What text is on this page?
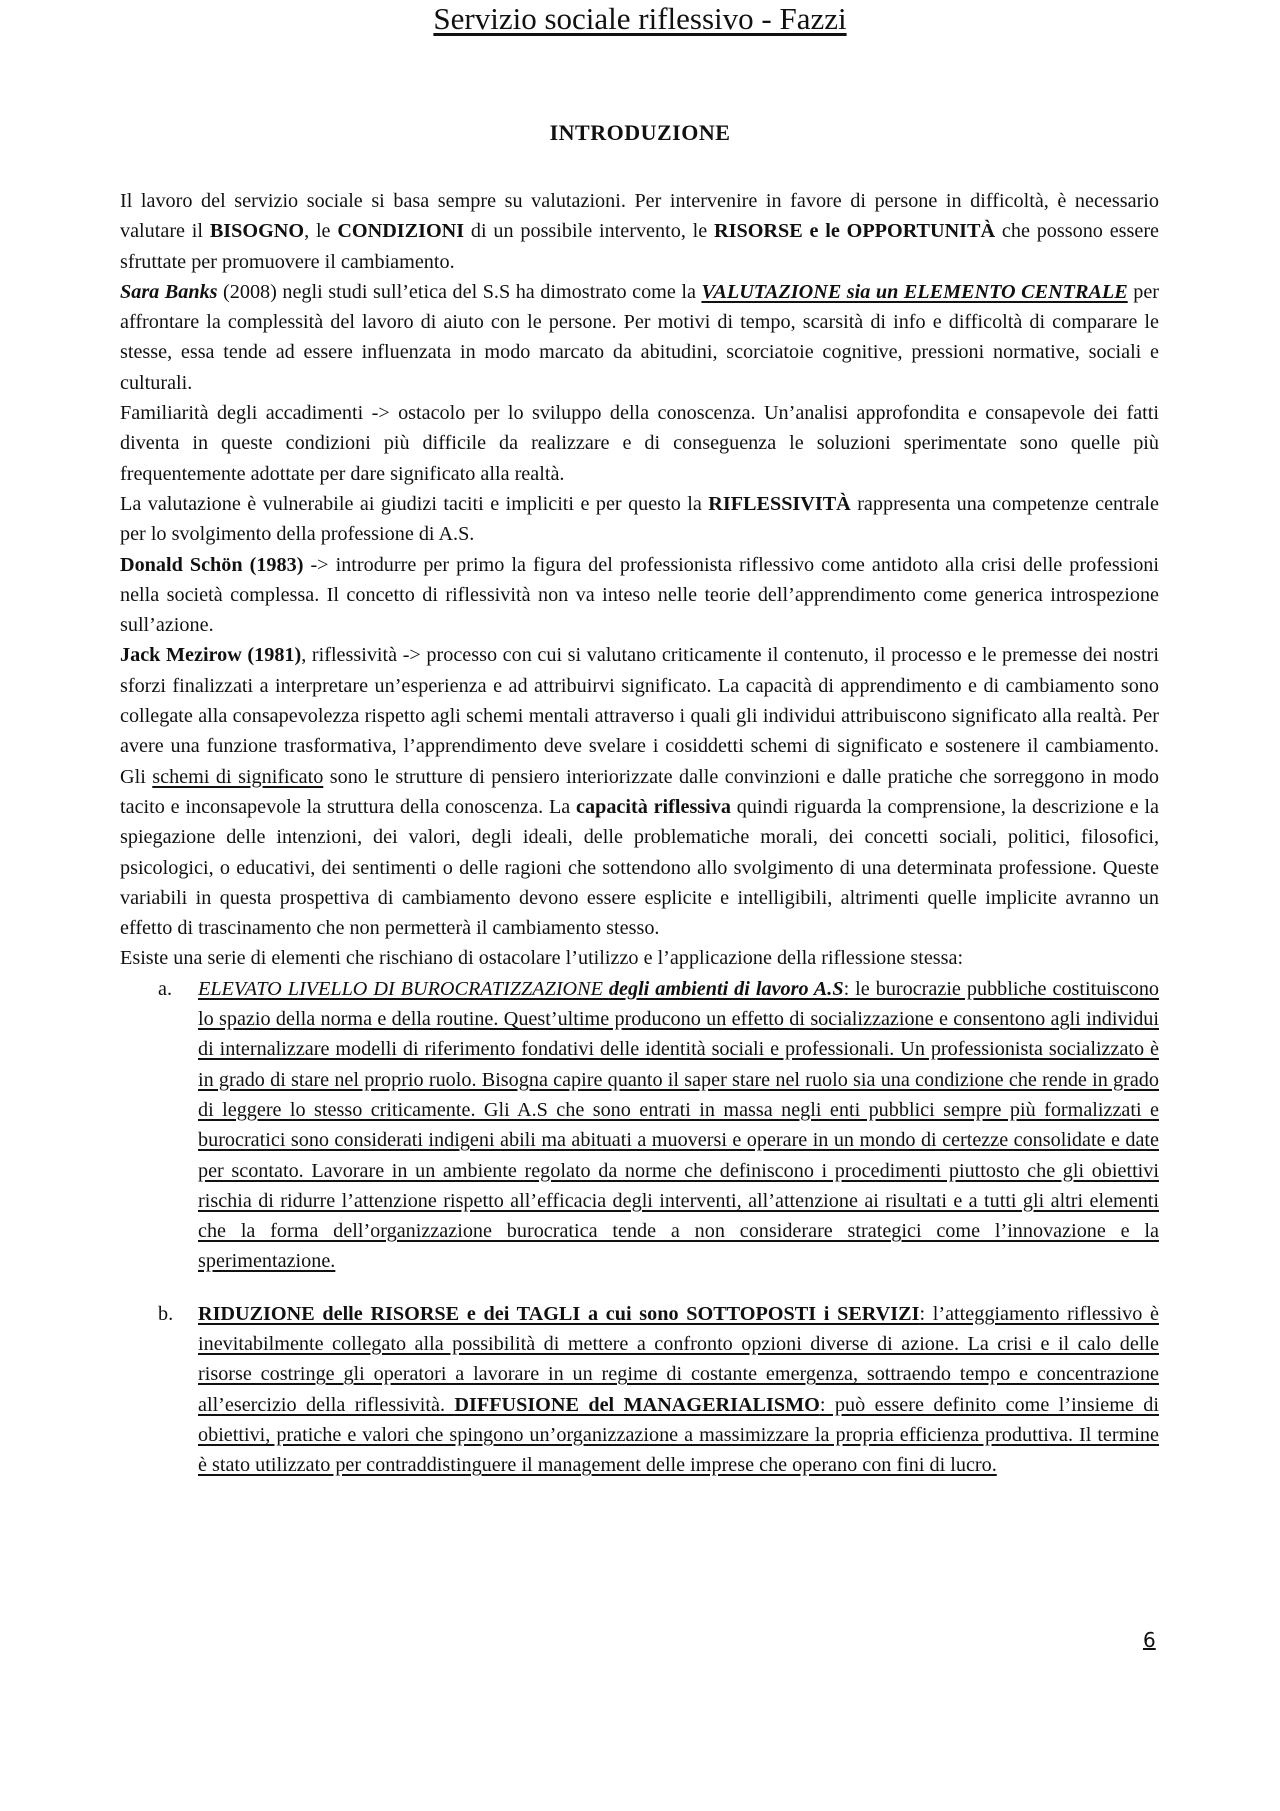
Servizio sociale riflessivo - Fazzi
INTRODUZIONE

Il lavoro del servizio sociale si basa sempre su valutazioni. Per intervenire in favore di persone in difficoltà, è necessario valutare il BISOGNO, le CONDIZIONI di un possibile intervento, le RISORSE e le OPPORTUNITÀ che possono essere sfruttate per promuovere il cambiamento.

Sara Banks (2008) negli studi sull’etica del S.S ha dimostrato come la VALUTAZIONE sia un ELEMENTO CENTRALE per affrontare la complessità del lavoro di aiuto con le persone. Per motivi di tempo, scarsità di info e difficoltà di comparare le stesse, essa tende ad essere influenzata in modo marcato da abitudini, scorciatoie cognitive, pressioni normative, sociali e culturali.

Familiarità degli accadimenti -> ostacolo per lo sviluppo della conoscenza. Un’analisi approfondita e consapevole dei fatti diventa in queste condizioni più difficile da realizzare e di conseguenza le soluzioni sperimentate sono quelle più frequentemente adottate per dare significato alla realtà.

La valutazione è vulnerabile ai giudizi taciti e impliciti e per questo la RIFLESSIVITÀ rappresenta una competenze centrale per lo svolgimento della professione di A.S.

Donald Schön (1983) -> introdurre per primo la figura del professionista riflessivo come antidoto alla crisi delle professioni nella società complessa. Il concetto di riflessività non va inteso nelle teorie dell’apprendimento come generica introspezione sull’azione.

Jack Mezirow (1981), riflessività -> processo con cui si valutano criticamente il contenuto, il processo e le premesse dei nostri sforzi finalizzati a interpretare un’esperienza e ad attribuirvi significato. La capacità di apprendimento e di cambiamento sono collegate alla consapevolezza rispetto agli schemi mentali attraverso i quali gli individui attribuiscono significato alla realtà. Per avere una funzione trasformativa, l’apprendimento deve svelare i cosiddetti schemi di significato e sostenere il cambiamento. Gli schemi di significato sono le strutture di pensiero interiorizzate dalle convinzioni e dalle pratiche che sorreggono in modo tacito e inconsapevole la struttura della conoscenza. La capacità riflessiva quindi riguarda la comprensione, la descrizione e la spiegazione delle intenzioni, dei valori, degli ideali, delle problematiche morali, dei concetti sociali, politici, filosofici, psicologici, o educativi, dei sentimenti o delle ragioni che sottendono allo svolgimento di una determinata professione. Queste variabili in questa prospettiva di cambiamento devono essere esplicite e intelligibili, altrimenti quelle implicite avranno un effetto di trascinamento che non permetterà il cambiamento stesso.

Esiste una serie di elementi che rischiano di ostacolare l’utilizzo e l’applicazione della riflessione stessa:

a. ELEVATO LIVELLO DI BUROCRATIZZAZIONE degli ambienti di lavoro A.S: le burocrazie pubbliche costituiscono lo spazio della norma e della routine. Quest’ultime producono un effetto di socializzazione e consentono agli individui di internalizzare modelli di riferimento fondativi delle identità sociali e professionali. Un professionista socializzato è in grado di stare nel proprio ruolo. Bisogna capire quanto il saper stare nel ruolo sia una condizione che rende in grado di leggere lo stesso criticamente. Gli A.S che sono entrati in massa negli enti pubblici sempre più formalizzati e burocratici sono considerati indigeni abili ma abituati a muoversi e operare in un mondo di certezze consolidate e date per scontato. Lavorare in un ambiente regolato da norme che definiscono i procedimenti piuttosto che gli obiettivi rischia di ridurre l’attenzione rispetto all’efficacia degli interventi, all’attenzione ai risultati e a tutti gli altri elementi che la forma dell’organizzazione burocratica tende a non considerare strategici come l’innovazione e la sperimentazione.
b. RIDUZIONE delle RISORSE e dei TAGLI a cui sono SOTTOPOSTI i SERVIZI: l’atteggiamento riflessivo è inevitabilmente collegato alla possibilità di mettere a confronto opzioni diverse di azione. La crisi e il calo delle risorse costringe gli operatori a lavorare in un regime di costante emergenza, sottraendo tempo e concentrazione all’esercizio della riflessività. DIFFUSIONE del MANAGERIALISMO: può essere definito come l’insieme di obiettivi, pratiche e valori che spingono un’organizzazione a massimizzare la propria efficienza produttiva. Il termine è stato utilizzato per contraddistinguere il management delle imprese che operano con fini di lucro.
6
